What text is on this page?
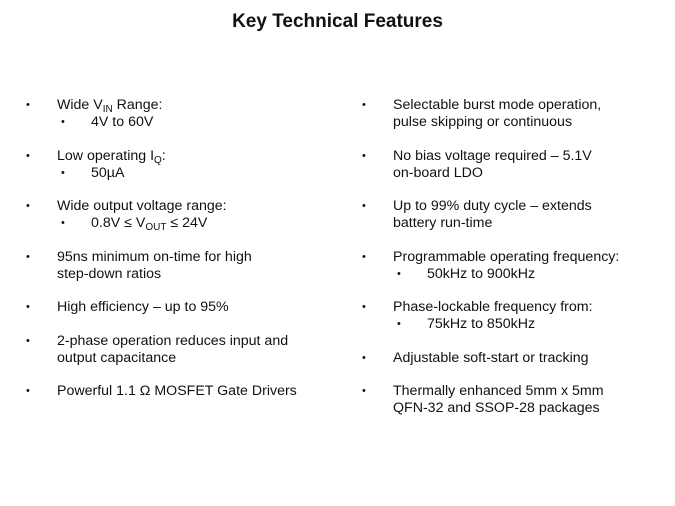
Key Technical Features
• Wide $V_{IN}$ Range:
• 4V to 60V
• Low operating $I_Q$:
• 50µA
• Wide output voltage range:
• $0.8V \le V_{OUT} \le 24V$
• 95ns minimum on-time for high
step-down ratios
• High efficiency – up to 95%
• 2-phase operation reduces input and
output capacitance
• Powerful 1.1 Ω MOSFET Gate Drivers
• Selectable burst mode operation,
pulse skipping or continuous
• No bias voltage required – 5.1V
on-board LDO
• Up to 99% duty cycle – extends
battery run-time
• Programmable operating frequency:
• 50kHz to 900kHz
• Phase-lockable frequency from:
• 75kHz to 850kHz
• Adjustable soft-start or tracking
• Thermally enhanced 5mm x 5mm
QFN-32 and SSOP-28 packages
